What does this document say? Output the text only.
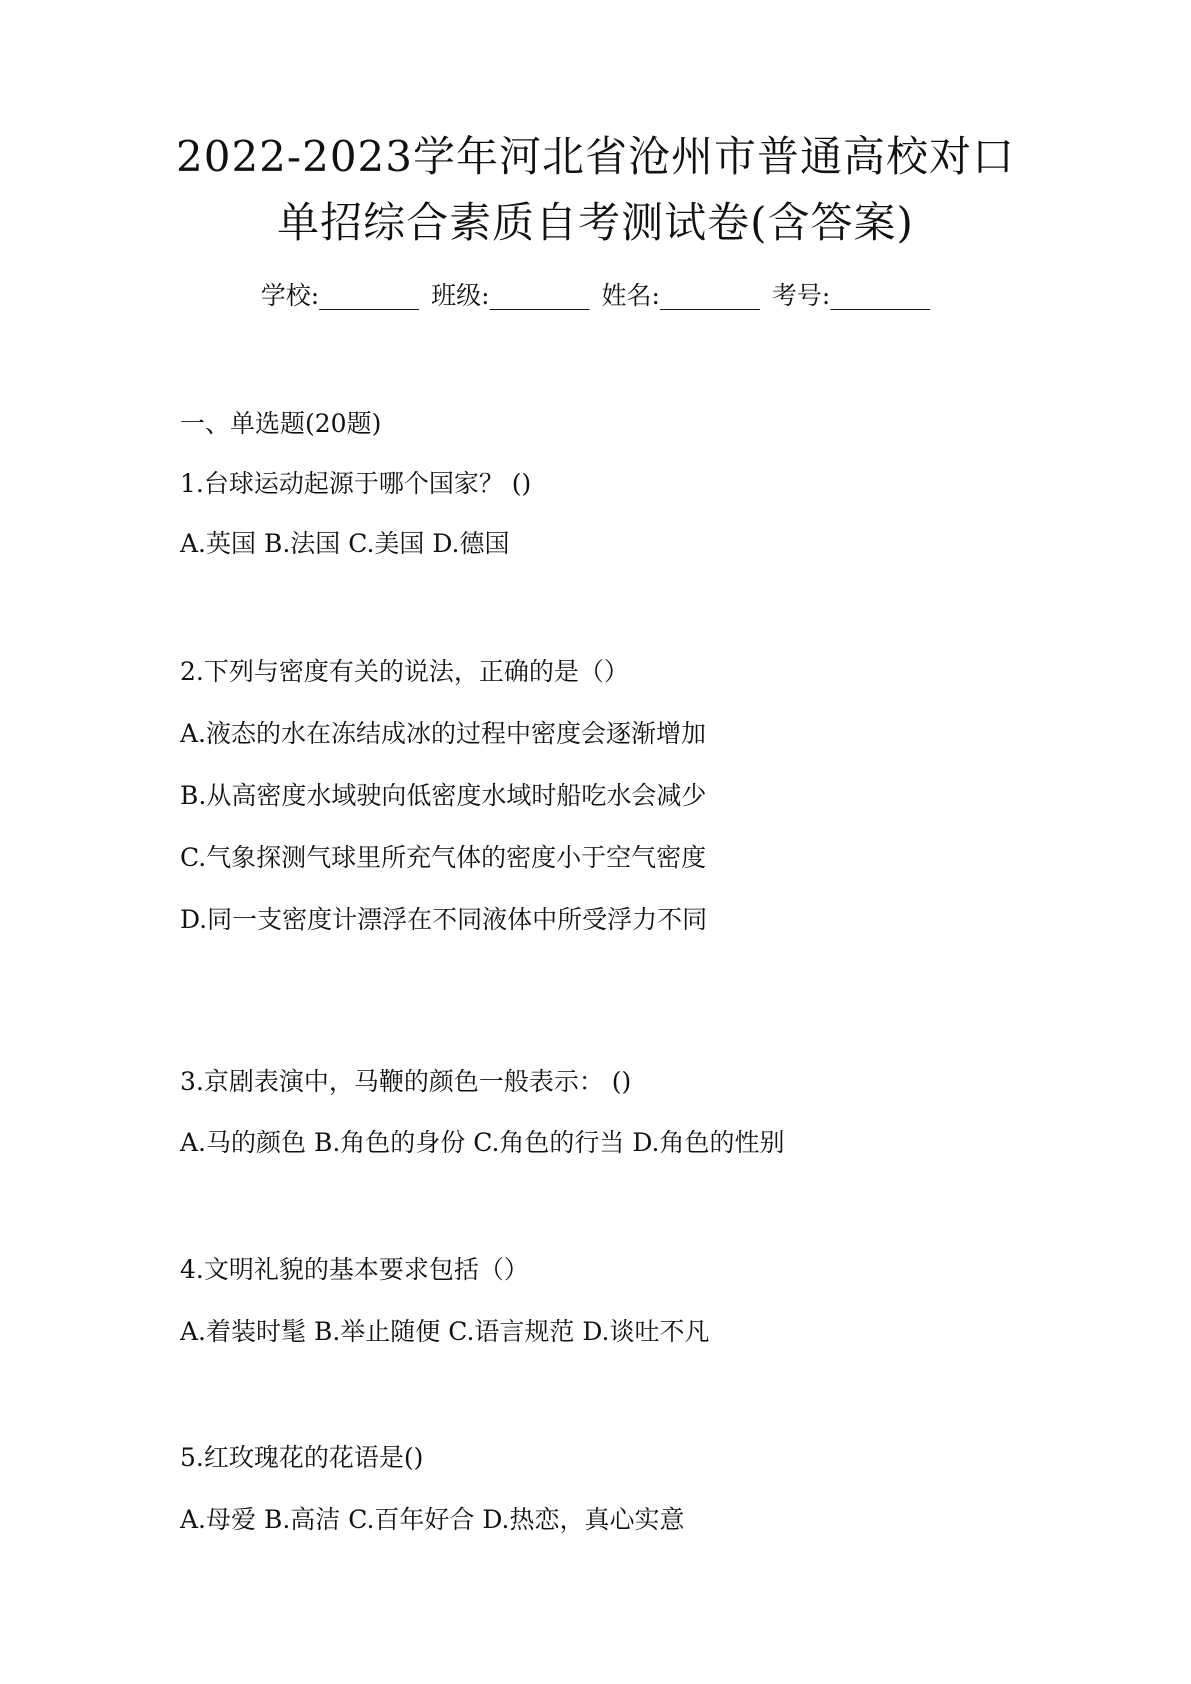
2022-2023学年河北省沧州市普通高校对口
单招综合素质自考测试卷(含答案)
学校:________ 班级:________ 姓名:________ 考号:________
一、单选题(20题)
1.台球运动起源于哪个国家？ ()
A.英国 B.法国 C.美国 D.德国
2.下列与密度有关的说法，正确的是（）
A.液态的水在冻结成冰的过程中密度会逐渐增加
B.从高密度水域驶向低密度水域时船吃水会减少
C.气象探测气球里所充气体的密度小于空气密度
D.同一支密度计漂浮在不同液体中所受浮力不同
3.京剧表演中，马鞭的颜色一般表示： ()
A.马的颜色 B.角色的身份 C.角色的行当 D.角色的性别
4.文明礼貌的基本要求包括（）
A.着装时髦 B.举止随便 C.语言规范 D.谈吐不凡
5.红玫瑰花的花语是()
A.母爱 B.高洁 C.百年好合 D.热恋，真心实意
